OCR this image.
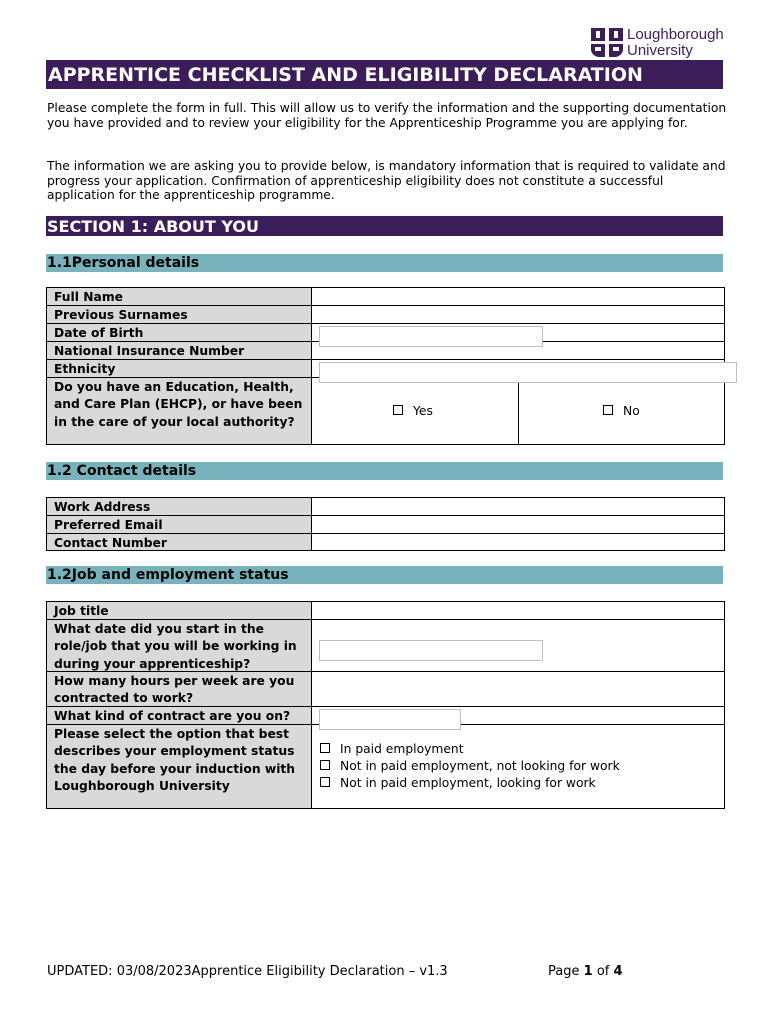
Loughborough
University
APPRENTICE CHECKLIST AND ELIGIBILITY DECLARATION
Please complete the form in full. This will allow us to verify the information and the supporting documentation you have provided and to review your eligibility for the Apprenticeship Programme you are applying for.
The information we are asking you to provide below, is mandatory information that is required to validate and progress your application. Confirmation of apprenticeship eligibility does not constitute a successful application for the apprenticeship programme.
SECTION 1: ABOUT YOU
1.1Personal details
Full Name
Previous Surnames
Date of Birth
National Insurance Number
Ethnicity
Do you have an Education, Health, and Care Plan (EHCP), or have been in the care of your local authority?
Yes	No
1.2 Contact details
Work Address
Preferred Email
Contact Number
1.2Job and employment status
Job title
What date did you start in the role/job that you will be working in during your apprenticeship?
How many hours per week are you contracted to work?
What kind of contract are you on?
Please select the option that best describes your employment status the day before your induction with Loughborough University
In paid employment
Not in paid employment, not looking for work
Not in paid employment, looking for work
UPDATED: 03/08/2023Apprentice Eligibility Declaration – v1.3	Page 1 of 4
